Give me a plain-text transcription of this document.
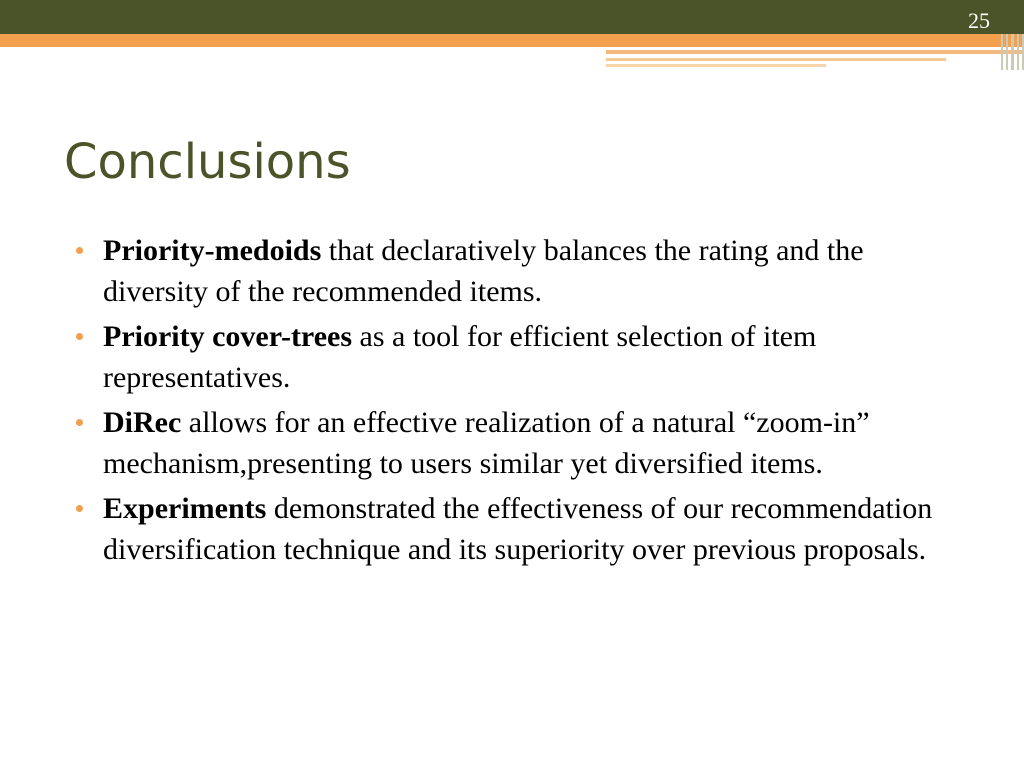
25
Conclusions
Priority-medoids that declaratively balances the rating and the diversity of the recommended items.
Priority cover-trees as a tool for efficient selection of item representatives.
DiRec allows for an effective realization of a natural “zoom-in” mechanism,presenting to users similar yet diversified items.
Experiments demonstrated the effectiveness of our recommendation diversification technique and its superiority over previous proposals.
